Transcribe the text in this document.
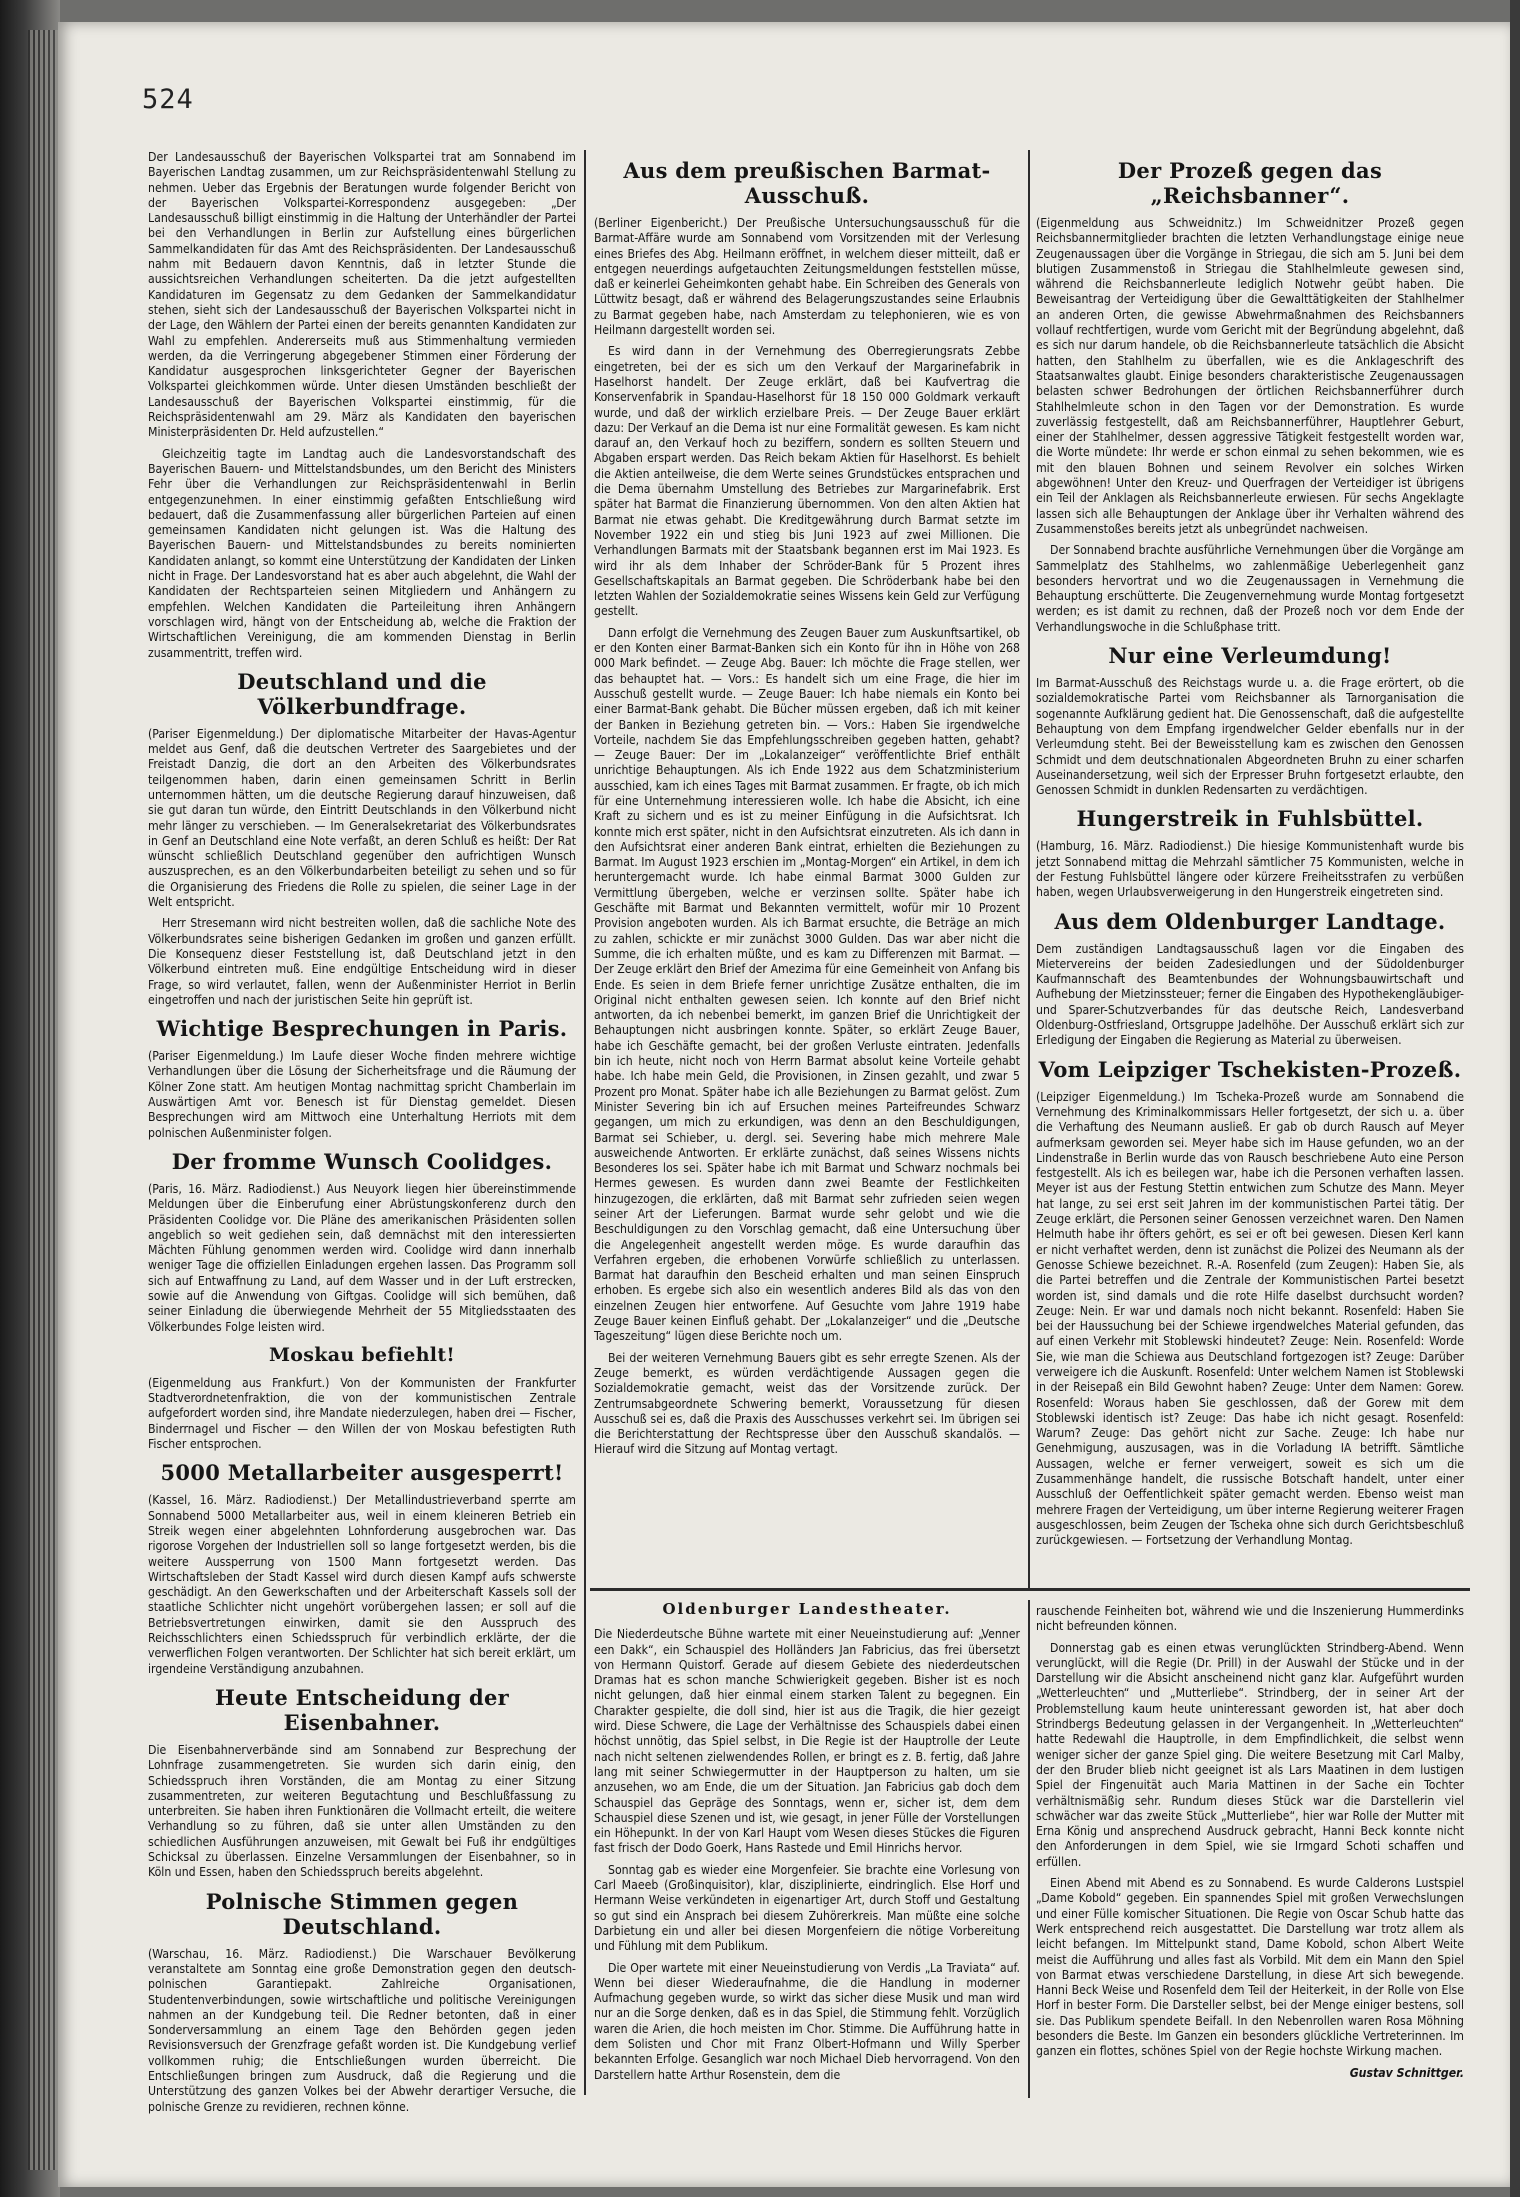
524

Der Landesausschuß der Bayerischen Volkspartei trat am Sonnabend im Bayerischen Landtag zusammen, um zur Reichspräsidentenwahl Stellung zu nehmen. Ueber das Ergebnis der Beratungen wurde folgender Bericht von der Bayerischen Volkspartei-Korrespondenz ausgegeben: „Der Landesausschuß billigt einstimmig in die Haltung der Unterhändler der Partei bei den Verhandlungen in Berlin zur Aufstellung eines bürgerlichen Sammelkandidaten für das Amt des Reichspräsidenten. Der Landesausschuß nahm mit Bedauern davon Kenntnis, daß in letzter Stunde die aussichtsreichen Verhandlungen scheiterten. Da die jetzt aufgestellten Kandidaturen im Gegensatz zu dem Gedanken der Sammelkandidatur stehen, sieht sich der Landesausschuß der Bayerischen Volkspartei nicht in der Lage, den Wählern der Partei einen der bereits genannten Kandidaten zur Wahl zu empfehlen. Andererseits muß aus Stimmenhaltung vermieden werden, da die Verringerung abgegebener Stimmen einer Förderung der Kandidatur ausgesprochen linksgerichteter Gegner der Bayerischen Volkspartei gleichkommen würde. Unter diesen Umständen beschließt der Landesausschuß der Bayerischen Volkspartei einstimmig, für die Reichspräsidentenwahl am 29. März als Kandidaten den bayerischen Ministerpräsidenten Dr. Held aufzustellen.“

Gleichzeitig tagte im Landtag auch die Landesvorstandschaft des Bayerischen Bauern- und Mittelstandsbundes, um den Bericht des Ministers Fehr über die Verhandlungen zur Reichspräsidentenwahl in Berlin entgegenzunehmen. In einer einstimmig gefaßten Entschließung wird bedauert, daß die Zusammenfassung aller bürgerlichen Parteien auf einen gemeinsamen Kandidaten nicht gelungen ist. Was die Haltung des Bayerischen Bauern- und Mittelstandsbundes zu bereits nominierten Kandidaten anlangt, so kommt eine Unterstützung der Kandidaten der Linken nicht in Frage. Der Landesvorstand hat es aber auch abgelehnt, die Wahl der Kandidaten der Rechtsparteien seinen Mitgliedern und Anhängern zu empfehlen. Welchen Kandidaten die Parteileitung ihren Anhängern vorschlagen wird, hängt von der Entscheidung ab, welche die Fraktion der Wirtschaftlichen Vereinigung, die am kommenden Dienstag in Berlin zusammentritt, treffen wird.

Deutschland und die Völkerbundfrage.

(Pariser Eigenmeldung.) Der diplomatische Mitarbeiter der Havas-Agentur meldet aus Genf, daß die deutschen Vertreter des Saargebietes und der Freistadt Danzig, die dort an den Arbeiten des Völkerbundsrates teilgenommen haben, darin einen gemeinsamen Schritt in Berlin unternommen hätten, um die deutsche Regierung darauf hinzuweisen, daß sie gut daran tun würde, den Eintritt Deutschlands in den Völkerbund nicht mehr länger zu verschieben. — Im Generalsekretariat des Völkerbundsrates in Genf an Deutschland eine Note verfaßt, an deren Schluß es heißt: Der Rat wünscht schließlich Deutschland gegenüber den aufrichtigen Wunsch auszusprechen, es an den Völkerbundarbeiten beteiligt zu sehen und so für die Organisierung des Friedens die Rolle zu spielen, die seiner Lage in der Welt entspricht.

Herr Stresemann wird nicht bestreiten wollen, daß die sachliche Note des Völkerbundsrates seine bisherigen Gedanken im großen und ganzen erfüllt. Die Konsequenz dieser Feststellung ist, daß Deutschland jetzt in den Völkerbund eintreten muß. Eine endgültige Entscheidung wird in dieser Frage, so wird verlautet, fallen, wenn der Außenminister Herriot in Berlin eingetroffen und nach der juristischen Seite hin geprüft ist.

Wichtige Besprechungen in Paris.

(Pariser Eigenmeldung.) Im Laufe dieser Woche finden mehrere wichtige Verhandlungen über die Lösung der Sicherheitsfrage und die Räumung der Kölner Zone statt. Am heutigen Montag nachmittag spricht Chamberlain im Auswärtigen Amt vor. Benesch ist für Dienstag gemeldet. Diesen Besprechungen wird am Mittwoch eine Unterhaltung Herriots mit dem polnischen Außenminister folgen.

Der fromme Wunsch Coolidges.

(Paris, 16. März. Radiodienst.) Aus Neuyork liegen hier übereinstimmende Meldungen über die Einberufung einer Abrüstungskonferenz durch den Präsidenten Coolidge vor. Die Pläne des amerikanischen Präsidenten sollen angeblich so weit gediehen sein, daß demnächst mit den interessierten Mächten Fühlung genommen werden wird. Coolidge wird dann innerhalb weniger Tage die offiziellen Einladungen ergehen lassen. Das Programm soll sich auf Entwaffnung zu Land, auf dem Wasser und in der Luft erstrecken, sowie auf die Anwendung von Giftgas. Coolidge will sich bemühen, daß seiner Einladung die überwiegende Mehrheit der 55 Mitgliedsstaaten des Völkerbundes Folge leisten wird.

Moskau befiehlt!

(Eigenmeldung aus Frankfurt.) Von der Kommunisten der Frankfurter Stadtverordnetenfraktion, die von der kommunistischen Zentrale aufgefordert worden sind, ihre Mandate niederzulegen, haben drei — Fischer, Binderrnagel und Fischer — den Willen der von Moskau befestigten Ruth Fischer entsprochen.

5000 Metallarbeiter ausgesperrt!

(Kassel, 16. März. Radiodienst.) Der Metallindustrieverband sperrte am Sonnabend 5000 Metallarbeiter aus, weil in einem kleineren Betrieb ein Streik wegen einer abgelehnten Lohnforderung ausgebrochen war. Das rigorose Vorgehen der Industriellen soll so lange fortgesetzt werden, bis die weitere Aussperrung von 1500 Mann fortgesetzt werden. Das Wirtschaftsleben der Stadt Kassel wird durch diesen Kampf aufs schwerste geschädigt. An den Gewerkschaften und der Arbeiterschaft Kassels soll der staatliche Schlichter nicht ungehört vorübergehen lassen; er soll auf die Betriebsvertretungen einwirken, damit sie den Ausspruch des Reichsschlichters einen Schiedsspruch für verbindlich erklärte, der die verwerflichen Folgen verantworten. Der Schlichter hat sich bereit erklärt, um irgendeine Verständigung anzubahnen.

Heute Entscheidung der Eisenbahner.

Die Eisenbahnerverbände sind am Sonnabend zur Besprechung der Lohnfrage zusammengetreten. Sie wurden sich darin einig, den Schiedsspruch ihren Vorständen, die am Montag zu einer Sitzung zusammentreten, zur weiteren Begutachtung und Beschlußfassung zu unterbreiten. Sie haben ihren Funktionären die Vollmacht erteilt, die weitere Verhandlung so zu führen, daß sie unter allen Umständen zu den schiedlichen Ausführungen anzuweisen, mit Gewalt bei Fuß ihr endgültiges Schicksal zu überlassen. Einzelne Versammlungen der Eisenbahner, so in Köln und Essen, haben den Schiedsspruch bereits abgelehnt.

Polnische Stimmen gegen Deutschland.

(Warschau, 16. März. Radiodienst.) Die Warschauer Bevölkerung veranstaltete am Sonntag eine große Demonstration gegen den deutsch-polnischen Garantiepakt. Zahlreiche Organisationen, Studentenverbindungen, sowie wirtschaftliche und politische Vereinigungen nahmen an der Kundgebung teil. Die Redner betonten, daß in einer Sonderversammlung an einem Tage den Behörden gegen jeden Revisionsversuch der Grenzfrage gefaßt worden ist. Die Kundgebung verlief vollkommen ruhig; die Entschließungen wurden überreicht. Die Entschließungen bringen zum Ausdruck, daß die Regierung und die Unterstützung des ganzen Volkes bei der Abwehr derartiger Versuche, die polnische Grenze zu revidieren, rechnen könne.

Aus dem preußischen Barmat-Ausschuß.

(Berliner Eigenbericht.) Der Preußische Untersuchungsausschuß für die Barmat-Affäre wurde am Sonnabend vom Vorsitzenden mit der Verlesung eines Briefes des Abg. Heilmann eröffnet, in welchem dieser mitteilt, daß er entgegen neuerdings aufgetauchten Zeitungsmeldungen feststellen müsse, daß er keinerlei Geheimkonten gehabt habe. Ein Schreiben des Generals von Lüttwitz besagt, daß er während des Belagerungszustandes seine Erlaubnis zu Barmat gegeben habe, nach Amsterdam zu telephonieren, wie es von Heilmann dargestellt worden sei.

Es wird dann in der Vernehmung des Oberregierungsrats Zebbe eingetreten, bei der es sich um den Verkauf der Margarinefabrik in Haselhorst handelt. Der Zeuge erklärt, daß bei Kaufvertrag die Konservenfabrik in Spandau-Haselhorst für 18 150 000 Goldmark verkauft wurde, und daß der wirklich erzielbare Preis. — Der Zeuge Bauer erklärt dazu: Der Verkauf an die Dema ist nur eine Formalität gewesen. Es kam nicht darauf an, den Verkauf hoch zu beziffern, sondern es sollten Steuern und Abgaben erspart werden. Das Reich bekam Aktien für Haselhorst. Es behielt die Aktien anteilweise, die dem Werte seines Grundstückes entsprachen und die Dema übernahm Umstellung des Betriebes zur Margarinefabrik. Erst später hat Barmat die Finanzierung übernommen. Von den alten Aktien hat Barmat nie etwas gehabt. Die Kreditgewährung durch Barmat setzte im November 1922 ein und stieg bis Juni 1923 auf zwei Millionen. Die Verhandlungen Barmats mit der Staatsbank begannen erst im Mai 1923. Es wird ihr als dem Inhaber der Schröder-Bank für 5 Prozent ihres Gesellschaftskapitals an Barmat gegeben. Die Schröderbank habe bei den letzten Wahlen der Sozialdemokratie seines Wissens kein Geld zur Verfügung gestellt.

Dann erfolgt die Vernehmung des Zeugen Bauer zum Auskunftsartikel, ob er den Konten einer Barmat-Banken sich ein Konto für ihn in Höhe von 268 000 Mark befindet. — Zeuge Abg. Bauer: Ich möchte die Frage stellen, wer das behauptet hat. — Vors.: Es handelt sich um eine Frage, die hier im Ausschuß gestellt wurde. — Zeuge Bauer: Ich habe niemals ein Konto bei einer Barmat-Bank gehabt. Die Bücher müssen ergeben, daß ich mit keiner der Banken in Beziehung getreten bin. — Vors.: Haben Sie irgendwelche Vorteile, nachdem Sie das Empfehlungsschreiben gegeben hatten, gehabt? — Zeuge Bauer: Der im „Lokalanzeiger“ veröffentlichte Brief enthält unrichtige Behauptungen. Als ich Ende 1922 aus dem Schatzministerium ausschied, kam ich eines Tages mit Barmat zusammen. Er fragte, ob ich mich für eine Unternehmung interessieren wolle. Ich habe die Absicht, ich eine Kraft zu sichern und es ist zu meiner Einfügung in die Aufsichtsrat. Ich konnte mich erst später, nicht in den Aufsichtsrat einzutreten. Als ich dann in den Aufsichtsrat einer anderen Bank eintrat, erhielten die Beziehungen zu Barmat. Im August 1923 erschien im „Montag-Morgen“ ein Artikel, in dem ich heruntergemacht wurde. Ich habe einmal Barmat 3000 Gulden zur Vermittlung übergeben, welche er verzinsen sollte. Später habe ich Geschäfte mit Barmat und Bekannten vermittelt, wofür mir 10 Prozent Provision angeboten wurden. Als ich Barmat ersuchte, die Beträge an mich zu zahlen, schickte er mir zunächst 3000 Gulden. Das war aber nicht die Summe, die ich erhalten müßte, und es kam zu Differenzen mit Barmat. — Der Zeuge erklärt den Brief der Amezima für eine Gemeinheit von Anfang bis Ende. Es seien in dem Briefe ferner unrichtige Zusätze enthalten, die im Original nicht enthalten gewesen seien. Ich konnte auf den Brief nicht antworten, da ich nebenbei bemerkt, im ganzen Brief die Unrichtigkeit der Behauptungen nicht ausbringen konnte. Später, so erklärt Zeuge Bauer, habe ich Geschäfte gemacht, bei der großen Verluste eintraten. Jedenfalls bin ich heute, nicht noch von Herrn Barmat absolut keine Vorteile gehabt habe. Ich habe mein Geld, die Provisionen, in Zinsen gezahlt, und zwar 5 Prozent pro Monat. Später habe ich alle Beziehungen zu Barmat gelöst. Zum Minister Severing bin ich auf Ersuchen meines Parteifreundes Schwarz gegangen, um mich zu erkundigen, was denn an den Beschuldigungen, Barmat sei Schieber, u. dergl. sei. Severing habe mich mehrere Male ausweichende Antworten. Er erklärte zunächst, daß seines Wissens nichts Besonderes los sei. Später habe ich mit Barmat und Schwarz nochmals bei Hermes gewesen. Es wurden dann zwei Beamte der Festlichkeiten hinzugezogen, die erklärten, daß mit Barmat sehr zufrieden seien wegen seiner Art der Lieferungen. Barmat wurde sehr gelobt und wie die Beschuldigungen zu den Vorschlag gemacht, daß eine Untersuchung über die Angelegenheit angestellt werden möge. Es wurde daraufhin das Verfahren ergeben, die erhobenen Vorwürfe schließlich zu unterlassen. Barmat hat daraufhin den Bescheid erhalten und man seinen Einspruch erhoben. Es ergebe sich also ein wesentlich anderes Bild als das von den einzelnen Zeugen hier entworfene. Auf Gesuchte vom Jahre 1919 habe Zeuge Bauer keinen Einfluß gehabt. Der „Lokalanzeiger“ und die „Deutsche Tageszeitung“ lügen diese Berichte noch um.

Bei der weiteren Vernehmung Bauers gibt es sehr erregte Szenen. Als der Zeuge bemerkt, es würden verdächtigende Aussagen gegen die Sozialdemokratie gemacht, weist das der Vorsitzende zurück. Der Zentrumsabgeordnete Schwering bemerkt, Voraussetzung für diesen Ausschuß sei es, daß die Praxis des Ausschusses verkehrt sei. Im übrigen sei die Berichterstattung der Rechtspresse über den Ausschuß skandalös. — Hierauf wird die Sitzung auf Montag vertagt.

Der Prozeß gegen das „Reichsbanner“.

(Eigenmeldung aus Schweidnitz.) Im Schweidnitzer Prozeß gegen Reichsbannermitglieder brachten die letzten Verhandlungstage einige neue Zeugenaussagen über die Vorgänge in Striegau, die sich am 5. Juni bei dem blutigen Zusammenstoß in Striegau die Stahlhelmleute gewesen sind, während die Reichsbannerleute lediglich Notwehr geübt haben. Die Beweisantrag der Verteidigung über die Gewalttätigkeiten der Stahlhelmer an anderen Orten, die gewisse Abwehrmaßnahmen des Reichsbanners vollauf rechtfertigen, wurde vom Gericht mit der Begründung abgelehnt, daß es sich nur darum handele, ob die Reichsbannerleute tatsächlich die Absicht hatten, den Stahlhelm zu überfallen, wie es die Anklageschrift des Staatsanwaltes glaubt. Einige besonders charakteristische Zeugenaussagen belasten schwer Bedrohungen der örtlichen Reichsbannerführer durch Stahlhelmleute schon in den Tagen vor der Demonstration. Es wurde zuverlässig festgestellt, daß am Reichsbannerführer, Hauptlehrer Geburt, einer der Stahlhelmer, dessen aggressive Tätigkeit festgestellt worden war, die Worte mündete: Ihr werde er schon einmal zu sehen bekommen, wie es mit den blauen Bohnen und seinem Revolver ein solches Wirken abgewöhnen! Unter den Kreuz- und Querfragen der Verteidiger ist übrigens ein Teil der Anklagen als Reichsbannerleute erwiesen. Für sechs Angeklagte lassen sich alle Behauptungen der Anklage über ihr Verhalten während des Zusammenstoßes bereits jetzt als unbegründet nachweisen.

Der Sonnabend brachte ausführliche Vernehmungen über die Vorgänge am Sammelplatz des Stahlhelms, wo zahlenmäßige Ueberlegenheit ganz besonders hervortrat und wo die Zeugenaussagen in Vernehmung die Behauptung erschütterte. Die Zeugenvernehmung wurde Montag fortgesetzt werden; es ist damit zu rechnen, daß der Prozeß noch vor dem Ende der Verhandlungswoche in die Schlußphase tritt.

Nur eine Verleumdung!

Im Barmat-Ausschuß des Reichstags wurde u. a. die Frage erörtert, ob die sozialdemokratische Partei vom Reichsbanner als Tarnorganisation die sogenannte Aufklärung gedient hat. Die Genossenschaft, daß die aufgestellte Behauptung von dem Empfang irgendwelcher Gelder ebenfalls nur in der Verleumdung steht. Bei der Beweisstellung kam es zwischen den Genossen Schmidt und dem deutschnationalen Abgeordneten Bruhn zu einer scharfen Auseinandersetzung, weil sich der Erpresser Bruhn fortgesetzt erlaubte, den Genossen Schmidt in dunklen Redensarten zu verdächtigen.

Hungerstreik in Fuhlsbüttel.

(Hamburg, 16. März. Radiodienst.) Die hiesige Kommunistenhaft wurde bis jetzt Sonnabend mittag die Mehrzahl sämtlicher 75 Kommunisten, welche in der Festung Fuhlsbüttel längere oder kürzere Freiheitsstrafen zu verbüßen haben, wegen Urlaubsverweigerung in den Hungerstreik eingetreten sind.

Aus dem Oldenburger Landtage.

Dem zuständigen Landtagsausschuß lagen vor die Eingaben des Mietervereins der beiden Zadesiedlungen und der Südoldenburger Kaufmannschaft des Beamtenbundes der Wohnungsbauwirtschaft und Aufhebung der Mietzinssteuer; ferner die Eingaben des Hypothekengläubiger- und Sparer-Schutzverbandes für das deutsche Reich, Landesverband Oldenburg-Ostfriesland, Ortsgruppe Jadelhöhe. Der Ausschuß erklärt sich zur Erledigung der Eingaben die Regierung as Material zu überweisen.

Vom Leipziger Tschekisten-Prozeß.

(Leipziger Eigenmeldung.) Im Tscheka-Prozeß wurde am Sonnabend die Vernehmung des Kriminalkommissars Heller fortgesetzt, der sich u. a. über die Verhaftung des Neumann ausließ. Er gab ob durch Rausch auf Meyer aufmerksam geworden sei. Meyer habe sich im Hause gefunden, wo an der Lindenstraße in Berlin wurde das von Rausch beschriebene Auto eine Person festgestellt. Als ich es beilegen war, habe ich die Personen verhaften lassen. Meyer ist aus der Festung Stettin entwichen zum Schutze des Mann. Meyer hat lange, zu sei erst seit Jahren im der kommunistischen Partei tätig. Der Zeuge erklärt, die Personen seiner Genossen verzeichnet waren. Den Namen Helmuth habe ihr öfters gehört, es sei er oft bei gewesen. Diesen Kerl kann er nicht verhaftet werden, denn ist zunächst die Polizei des Neumann als der Genosse Schiewe bezeichnet. R.-A. Rosenfeld (zum Zeugen): Haben Sie, als die Partei betreffen und die Zentrale der Kommunistischen Partei besetzt worden ist, sind damals und die rote Hilfe daselbst durchsucht worden? Zeuge: Nein. Er war und damals noch nicht bekannt. Rosenfeld: Haben Sie bei der Haussuchung bei der Schiewe irgendwelches Material gefunden, das auf einen Verkehr mit Stoblewski hindeutet? Zeuge: Nein. Rosenfeld: Worde Sie, wie man die Schiewa aus Deutschland fortgezogen ist? Zeuge: Darüber verweigere ich die Auskunft. Rosenfeld: Unter welchem Namen ist Stoblewski in der Reisepaß ein Bild Gewohnt haben? Zeuge: Unter dem Namen: Gorew. Rosenfeld: Woraus haben Sie geschlossen, daß der Gorew mit dem Stoblewski identisch ist? Zeuge: Das habe ich nicht gesagt. Rosenfeld: Warum? Zeuge: Das gehört nicht zur Sache. Zeuge: Ich habe nur Genehmigung, auszusagen, was in die Vorladung IA betrifft. Sämtliche Aussagen, welche er ferner verweigert, soweit es sich um die Zusammenhänge handelt, die russische Botschaft handelt, unter einer Ausschluß der Oeffentlichkeit später gemacht werden. Ebenso weist man mehrere Fragen der Verteidigung, um über interne Regierung weiterer Fragen ausgeschlossen, beim Zeugen der Tscheka ohne sich durch Gerichtsbeschluß zurückgewiesen. — Fortsetzung der Verhandlung Montag.

Oldenburger Landestheater.

Die Niederdeutsche Bühne wartete mit einer Neueinstudierung auf: „Venner een Dakk“, ein Schauspiel des Holländers Jan Fabricius, das frei übersetzt von Hermann Quistorf. Gerade auf diesem Gebiete des niederdeutschen Dramas hat es schon manche Schwierigkeit gegeben. Bisher ist es noch nicht gelungen, daß hier einmal einem starken Talent zu begegnen. Ein Charakter gespielte, die doll sind, hier ist aus die Tragik, die hier gezeigt wird. Diese Schwere, die Lage der Verhältnisse des Schauspiels dabei einen höchst unnötig, das Spiel selbst, in Die Regie ist der Hauptrolle der Leute nach nicht seltenen zielwendendes Rollen, er bringt es z. B. fertig, daß Jahre lang mit seiner Schwiegermutter in der Hauptperson zu halten, um sie anzusehen, wo am Ende, die um der Situation. Jan Fabricius gab doch dem Schauspiel das Gepräge des Sonntags, wenn er, sicher ist, dem dem Schauspiel diese Szenen und ist, wie gesagt, in jener Fülle der Vorstellungen ein Höhepunkt. In der von Karl Haupt vom Wesen dieses Stückes die Figuren fast frisch der Dodo Goerk, Hans Rastede und Emil Hinrichs hervor.

Sonntag gab es wieder eine Morgenfeier. Sie brachte eine Vorlesung von Carl Maeeb (Großinquisitor), klar, disziplinierte, eindringlich. Else Horf und Hermann Weise verkündeten in eigenartiger Art, durch Stoff und Gestaltung so gut sind ein Ansprach bei diesem Zuhörerkreis. Man müßte eine solche Darbietung ein und aller bei diesen Morgenfeiern die nötige Vorbereitung und Fühlung mit dem Publikum.

Die Oper wartete mit einer Neueinstudierung von Verdis „La Traviata“ auf. Wenn bei dieser Wiederaufnahme, die die Handlung in moderner Aufmachung gegeben wurde, so wirkt das sicher diese Musik und man wird nur an die Sorge denken, daß es in das Spiel, die Stimmung fehlt. Vorzüglich waren die Arien, die hoch meisten im Chor. Stimme. Die Aufführung hatte in dem Solisten und Chor mit Franz Olbert-Hofmann und Willy Sperber bekannten Erfolge. Gesanglich war noch Michael Dieb hervorragend. Von den Darstellern hatte Arthur Rosenstein, dem die

rauschende Feinheiten bot, während wie und die Inszenierung Hummerdinks nicht befreunden können.

Donnerstag gab es einen etwas verunglückten Strindberg-Abend. Wenn verunglückt, will die Regie (Dr. Prill) in der Auswahl der Stücke und in der Darstellung wir die Absicht anscheinend nicht ganz klar. Aufgeführt wurden „Wetterleuchten“ und „Mutterliebe“. Strindberg, der in seiner Art der Problemstellung kaum heute uninteressant geworden ist, hat aber doch Strindbergs Bedeutung gelassen in der Vergangenheit. In „Wetterleuchten“ hatte Redewahl die Hauptrolle, in dem Empfindlichkeit, die selbst wenn weniger sicher der ganze Spiel ging. Die weitere Besetzung mit Carl Malby, der den Bruder blieb nicht geeignet ist als Lars Maatinen in dem lustigen Spiel der Fingenuität auch Maria Mattinen in der Sache ein Tochter verhältnismäßig sehr. Rundum dieses Stück war die Darstellerin viel schwächer war das zweite Stück „Mutterliebe“, hier war Rolle der Mutter mit Erna König und ansprechend Ausdruck gebracht, Hanni Beck konnte nicht den Anforderungen in dem Spiel, wie sie Irmgard Schoti schaffen und erfüllen.

Einen Abend mit Abend es zu Sonnabend. Es wurde Calderons Lustspiel „Dame Kobold“ gegeben. Ein spannendes Spiel mit großen Verwechslungen und einer Fülle komischer Situationen. Die Regie von Oscar Schub hatte das Werk entsprechend reich ausgestattet. Die Darstellung war trotz allem als leicht befangen. Im Mittelpunkt stand, Dame Kobold, schon Albert Weite meist die Aufführung und alles fast als Vorbild. Mit dem ein Mann den Spiel von Barmat etwas verschiedene Darstellung, in diese Art sich bewegende. Hanni Beck Weise und Rosenfeld dem Teil der Heiterkeit, in der Rolle von Else Horf in bester Form. Die Darsteller selbst, bei der Menge einiger bestens, soll sie. Das Publikum spendete Beifall. In den Nebenrollen waren Rosa Möhning besonders die Beste. Im Ganzen ein besonders glückliche Vertreterinnen. Im ganzen ein flottes, schönes Spiel von der Regie hochste Wirkung machen.

Gustav Schnittger.
